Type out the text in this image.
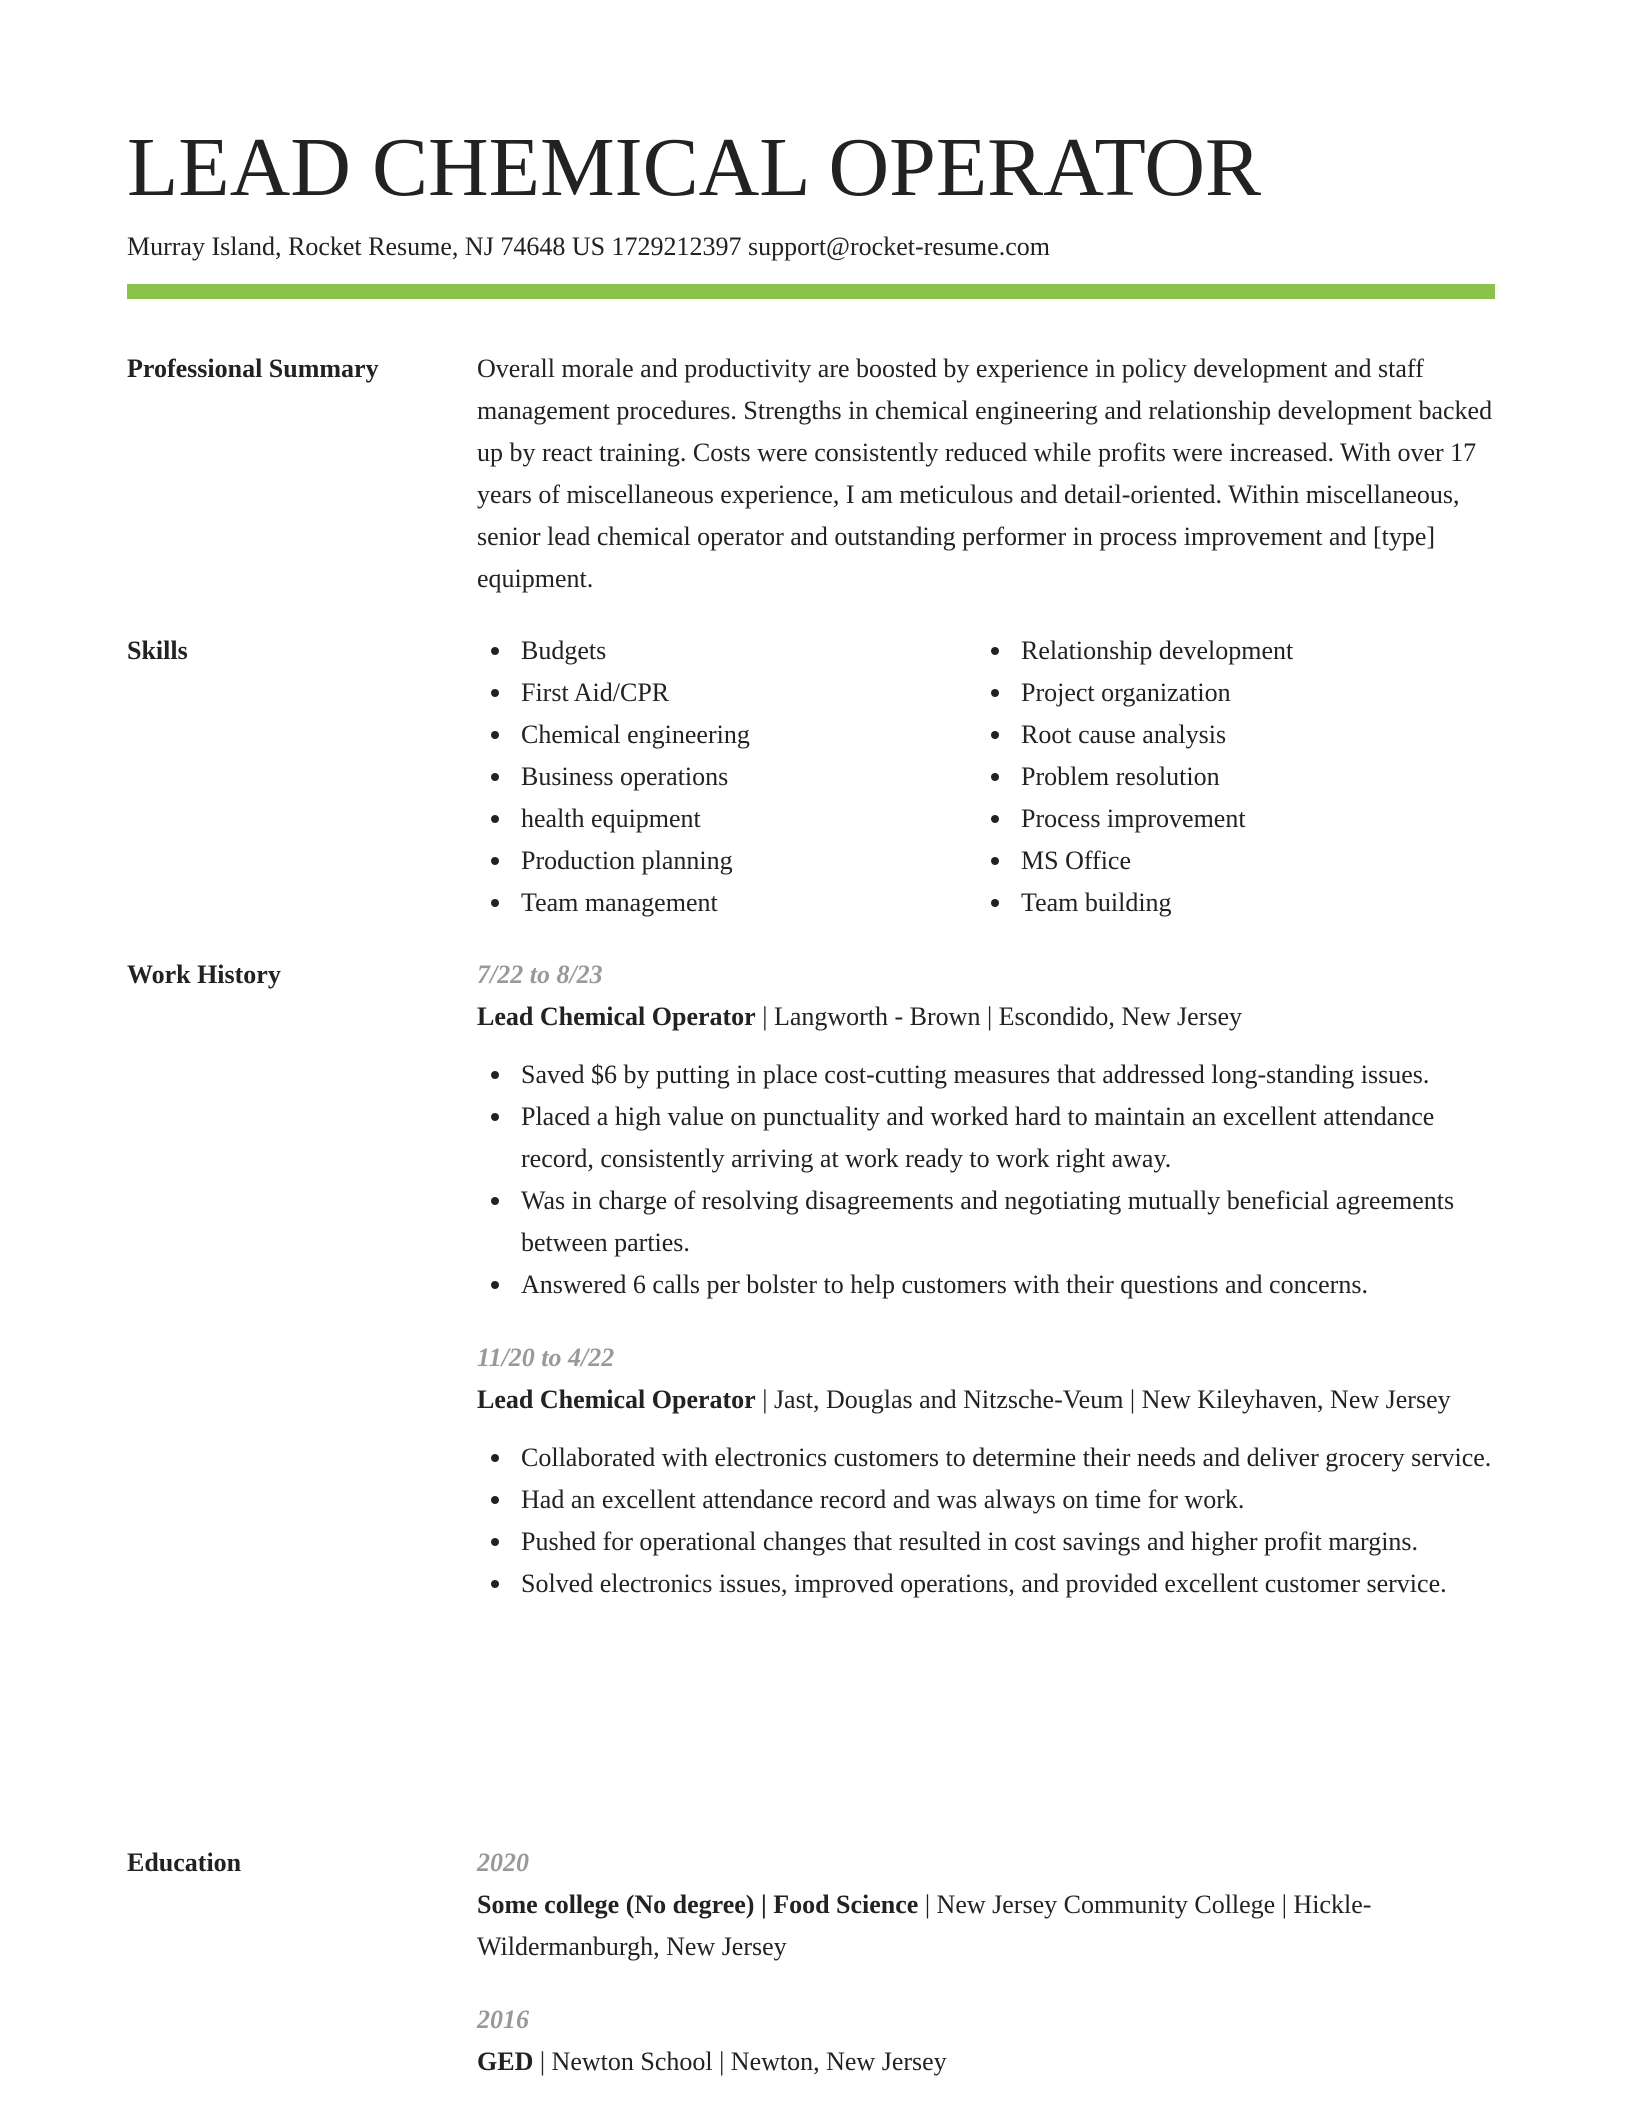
LEAD CHEMICAL OPERATOR
Murray Island, Rocket Resume, NJ 74648 US 1729212397 support@rocket-resume.com
Professional Summary	Overall morale and productivity are boosted by experience in policy development and staff management procedures. Strengths in chemical engineering and relationship development backed up by react training. Costs were consistently reduced while profits were increased. With over 17 years of miscellaneous experience, I am meticulous and detail-oriented. Within miscellaneous, senior lead chemical operator and outstanding performer in process improvement and [type] equipment.

Skills	Budgets
First Aid/CPR
Chemical engineering
Business operations
health equipment
Production planning
Team management
Relationship development
Project organization
Root cause analysis
Problem resolution
Process improvement
MS Office
Team building
Work History	7/22 to 8/23
Lead Chemical Operator | Langworth - Brown | Escondido, New Jersey
Saved $6 by putting in place cost-cutting measures that addressed long-standing issues.
Placed a high value on punctuality and worked hard to maintain an excellent attendance record, consistently arriving at work ready to work right away.
Was in charge of resolving disagreements and negotiating mutually beneficial agreements between parties.
Answered 6 calls per bolster to help customers with their questions and concerns.
11/20 to 4/22
Lead Chemical Operator | Jast, Douglas and Nitzsche-Veum | New Kileyhaven, New Jersey
Collaborated with electronics customers to determine their needs and deliver grocery service.
Had an excellent attendance record and was always on time for work.
Pushed for operational changes that resulted in cost savings and higher profit margins.
Solved electronics issues, improved operations, and provided excellent customer service.
Education	2020
Some college (No degree) | Food Science | New Jersey Community College | Hickle-Wildermanburgh, New Jersey
2016
GED | Newton School | Newton, New Jersey
